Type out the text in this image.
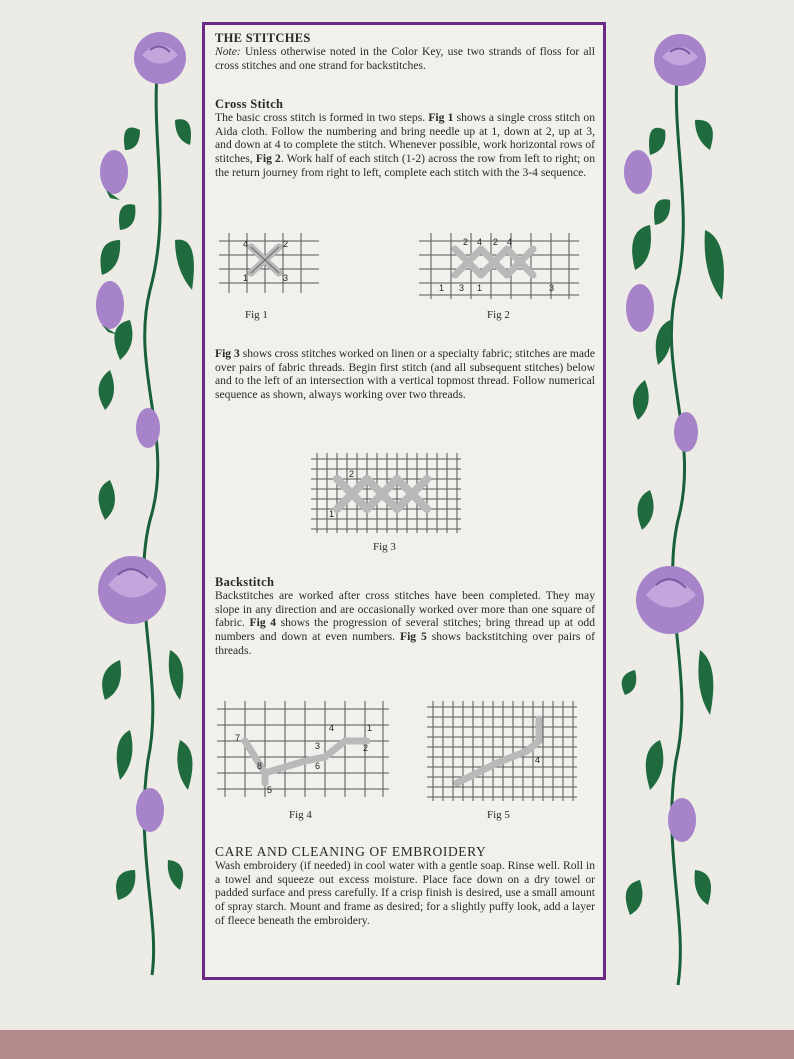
THE STITCHES
Note: Unless otherwise noted in the Color Key, use two strands of floss for all cross stitches and one strand for backstitches.
Cross Stitch
The basic cross stitch is formed in two steps. Fig 1 shows a single cross stitch on Aida cloth. Follow the numbering and bring needle up at 1, down at 2, up at 3, and down at 4 to complete the stitch. Whenever possible, work horizontal rows of stitches, Fig 2. Work half of each stitch (1-2) across the row from left to right; on the return journey from right to left, complete each stitch with the 3-4 sequence.
4	2
1	3
Fig 1
2 4 2 4
1 3 1	3
Fig 2
Fig 3 shows cross stitches worked on linen or a specialty fabric; stitches are made over pairs of fabric threads. Begin first stitch (and all subsequent stitches) below and to the left of an intersection with a vertical topmost thread. Follow numerical sequence as shown, always working over two threads.
2
1
Fig 3
Backstitch
Backstitches are worked after cross stitches have been completed. They may slope in any direction and are occasionally worked over more than one square of fabric. Fig 4 shows the progression of several stitches; bring thread up at odd numbers and down at even numbers. Fig 5 shows backstitching over pairs of threads.
7
4
2
3
6
8
5
1
Fig 4
4
Fig 5
CARE AND CLEANING OF EMBROIDERY
Wash embroidery (if needed) in cool water with a gentle soap. Rinse well. Roll in a towel and squeeze out excess moisture. Place face down on a dry towel or padded surface and press carefully. If a crisp finish is desired, use a small amount of spray starch. Mount and frame as desired; for a slightly puffy look, add a layer of fleece beneath the embroidery.
